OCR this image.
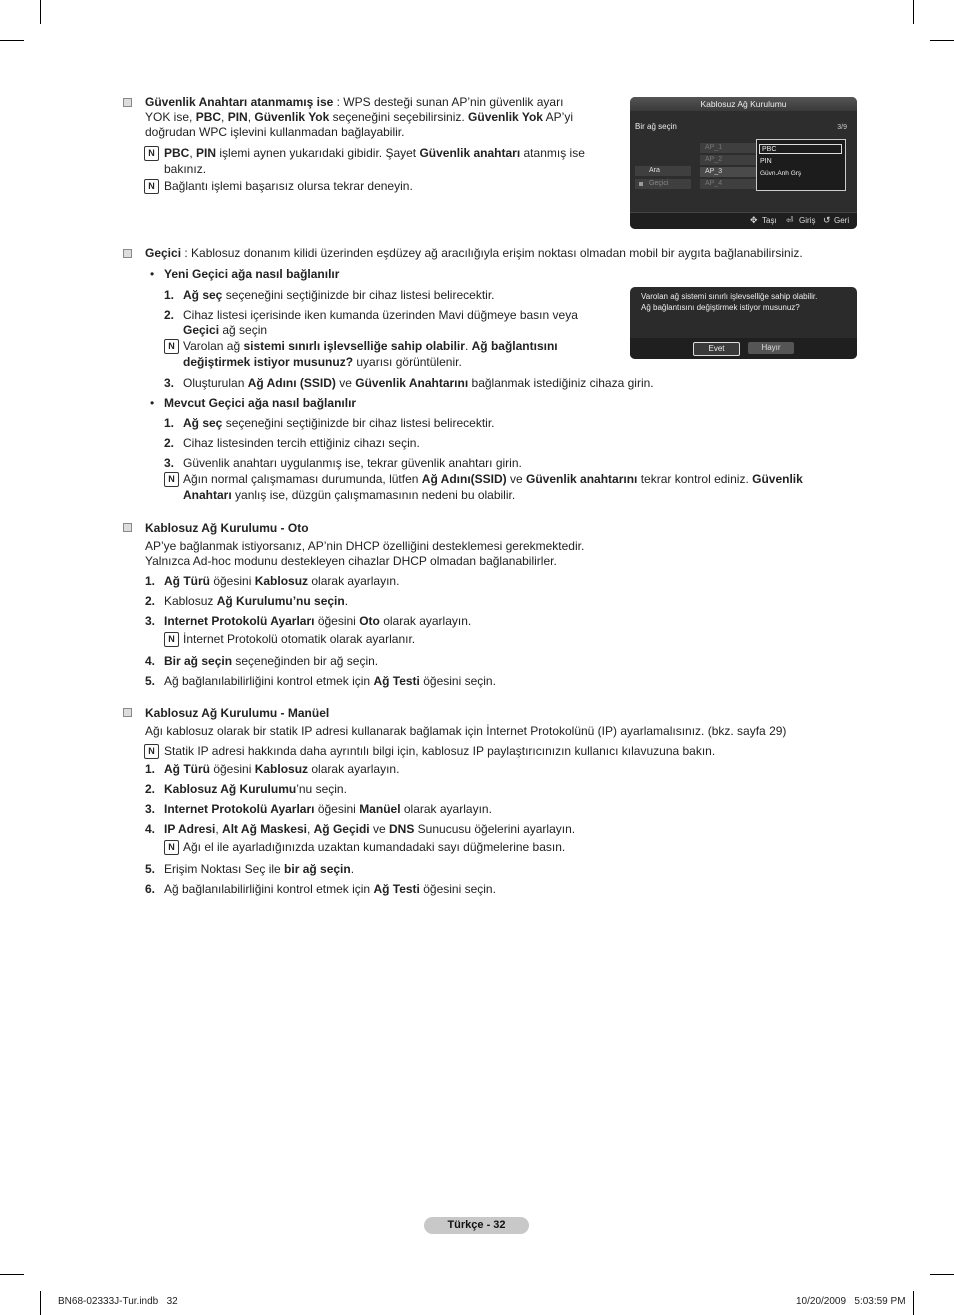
Güvenlik Anahtarı atanmamış ise : WPS desteği sunan AP’nin güvenlik ayarı
YOK ise, PBC, PIN, Güvenlik Yok seçeneğini seçebilirsiniz. Güvenlik Yok AP’yi
doğrudan WPC işlevini kullanmadan bağlayabilir.
N PBC, PIN işlemi aynen yukarıdaki gibidir. Şayet Güvenlik anahtarı atanmış ise
bakınız.
N Bağlantı işlemi başarısız olursa tekrar deneyin.
Kablosuz Ağ Kurulumu
Bir ağ seçin	3/9
Ara
Geçici
AP_1
AP_2
AP_3
AP_4
PBC
PIN
Güvn.Anh Grş
✥ Taşı ⏎ Giriş ↺ Geri
Geçici : Kablosuz donanım kilidi üzerinden eşdüzey ağ aracılığıyla erişim noktası olmadan mobil bir aygıta bağlanabilirsiniz.
• Yeni Geçici ağa nasıl bağlanılır
1. Ağ seç seçeneğini seçtiğinizde bir cihaz listesi belirecektir.
2. Cihaz listesi içerisinde iken kumanda üzerinden Mavi düğmeye basın veya
Geçici ağ seçin
N Varolan ağ sistemi sınırlı işlevselliğe sahip olabilir. Ağ bağlantısını
değiştirmek istiyor musunuz? uyarısı görüntülenir.
3. Oluşturulan Ağ Adını (SSID) ve Güvenlik Anahtarını bağlanmak istediğiniz cihaza girin.
• Mevcut Geçici ağa nasıl bağlanılır
1. Ağ seç seçeneğini seçtiğinizde bir cihaz listesi belirecektir.
2. Cihaz listesinden tercih ettiğiniz cihazı seçin.
3. Güvenlik anahtarı uygulanmış ise, tekrar güvenlik anahtarı girin.
N Ağın normal çalışmaması durumunda, lütfen Ağ Adını(SSID) ve Güvenlik anahtarını tekrar kontrol ediniz. Güvenlik
Anahtarı yanlış ise, düzgün çalışmamasının nedeni bu olabilir.
Varolan ağ sistemi sınırlı işlevselliğe sahip olabilir.
Ağ bağlantısını değiştirmek istiyor musunuz?
Evet	Hayır
Kablosuz Ağ Kurulumu - Oto
AP’ye bağlanmak istiyorsanız, AP’nin DHCP özelliğini desteklemesi gerekmektedir.
Yalnızca Ad-hoc modunu destekleyen cihazlar DHCP olmadan bağlanabilirler.
1. Ağ Türü öğesini Kablosuz olarak ayarlayın.
2. Kablosuz Ağ Kurulumu’nu seçin.
3. Internet Protokolü Ayarları öğesini Oto olarak ayarlayın.
4. Bir ağ seçin seçeneğinden bir ağ seçin.
5. Ağ bağlanılabilirliğini kontrol etmek için Ağ Testi öğesini seçin.
N İnternet Protokolü otomatik olarak ayarlanır.
Kablosuz Ağ Kurulumu - Manüel
Ağı kablosuz olarak bir statik IP adresi kullanarak bağlamak için İnternet Protokolünü (IP) ayarlamalısınız. (bkz. sayfa 29)
N Statik IP adresi hakkında daha ayrıntılı bilgi için, kablosuz IP paylaştırıcınızın kullanıcı kılavuzuna bakın.
1. Ağ Türü öğesini Kablosuz olarak ayarlayın.
2. Kablosuz Ağ Kurulumu’nu seçin.
3. Internet Protokolü Ayarları öğesini Manüel olarak ayarlayın.
4. IP Adresi, Alt Ağ Maskesi, Ağ Geçidi ve DNS Sunucusu öğelerini ayarlayın.
5. Erişim Noktası Seç ile bir ağ seçin.
6. Ağ bağlanılabilirliğini kontrol etmek için Ağ Testi öğesini seçin.
N Ağı el ile ayarladığınızda uzaktan kumandadaki sayı düğmelerine basın.
Türkçe - 32
BN68-02333J-Tur.indb   32	10/20/2009   5:03:59 PM
